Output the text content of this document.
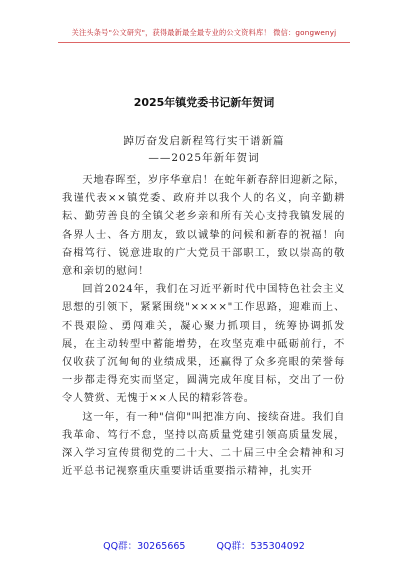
关注头条号"公文研究"，获得最新最全最专业的公文资料库！ 微信：gongwenyj
2025年镇党委书记新年贺词
踔厉奋发启新程笃行实干谱新篇
——2025年新年贺词

天地春晖至，岁序华章启！在蛇年新春辞旧迎新之际，我谨代表××镇党委、政府并以我个人的名义，向辛勤耕耘、勤劳善良的全镇父老乡亲和所有关心支持我镇发展的各界人士、各方朋友，致以诚挚的问候和新春的祝福！向奋楫笃行、锐意进取的广大党员干部职工，致以崇高的敬意和亲切的慰问！

回首2024年，我们在习近平新时代中国特色社会主义思想的引领下，紧紧围绕"××××"工作思路，迎难而上、不畏艰险、勇闯难关，凝心聚力抓项目，统筹协调抓发展，在主动转型中蓄能增势，在攻坚克难中砥砺前行，不仅收获了沉甸甸的业绩成果，还赢得了众多亮眼的荣誉每一步都走得充实而坚定，圆满完成年度目标，交出了一份令人赞赏、无愧于××人民的精彩答卷。

这一年，有一种"信仰"叫把准方向、接续奋进。我们自我革命、笃行不怠，坚持以高质量党建引领高质量发展，深入学习宣传贯彻党的二十大、二十届三中全会精神和习近平总书记视察重庆重要讲话重要指示精神，扎实开

QQ群：30265665	QQ群：535304092
